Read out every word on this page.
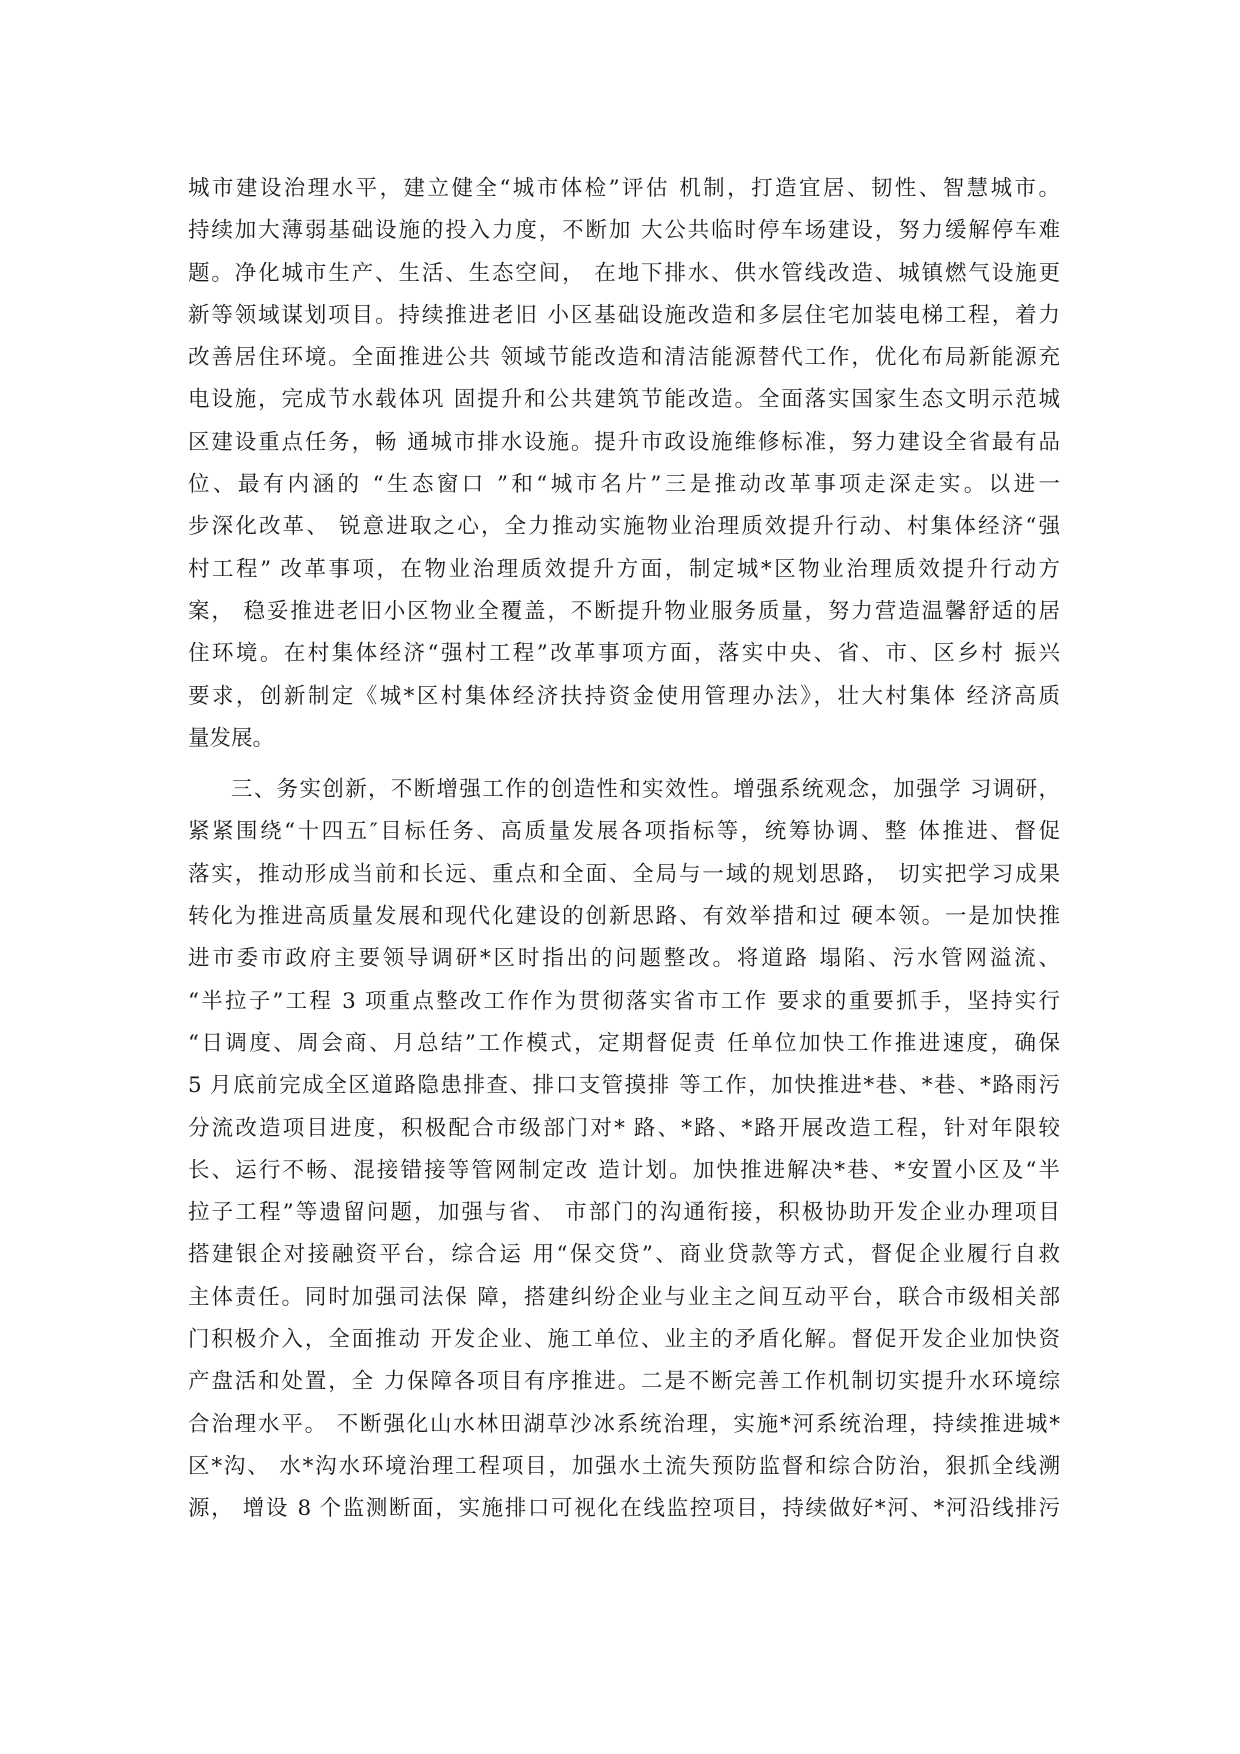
城市建设治理水平，建立健全“城市体检”评估 机制，打造宜居、韧性、智慧城市。
持续加大薄弱基础设施的投入力度，不断加 大公共临时停车场建设，努力缓解停车难
题。净化城市生产、生活、生态空间， 在地下排水、供水管线改造、城镇燃气设施更
新等领域谋划项目。持续推进老旧 小区基础设施改造和多层住宅加装电梯工程，着力
改善居住环境。全面推进公共 领域节能改造和清洁能源替代工作，优化布局新能源充
电设施，完成节水载体巩 固提升和公共建筑节能改造。全面落实国家生态文明示范城
区建设重点任务，畅 通城市排水设施。提升市政设施维修标准，努力建设全省最有品
位、最有内涵的 “生态窗口 ”和“城市名片”三是推动改革事项走深走实。以进一
步深化改革、 锐意进取之心，全力推动实施物业治理质效提升行动、村集体经济“强
村工程” 改革事项，在物业治理质效提升方面，制定城*区物业治理质效提升行动方
案， 稳妥推进老旧小区物业全覆盖，不断提升物业服务质量，努力营造温馨舒适的居
住环境。在村集体经济“强村工程”改革事项方面，落实中央、省、市、区乡村 振兴
要求，创新制定《城*区村集体经济扶持资金使用管理办法》，壮大村集体 经济高质
量发展。

三、务实创新，不断增强工作的创造性和实效性。增强系统观念，加强学 习调研，
紧紧围绕“十四五″目标任务、高质量发展各项指标等，统筹协调、整 体推进、督促
落实，推动形成当前和长远、重点和全面、全局与一域的规划思路， 切实把学习成果
转化为推进高质量发展和现代化建设的创新思路、有效举措和过 硬本领。一是加快推
进市委市政府主要领导调研*区时指出的问题整改。将道路 塌陷、污水管网溢流、
“半拉子”工程 3 项重点整改工作作为贯彻落实省市工作 要求的重要抓手，坚持实行
“日调度、周会商、月总结”工作模式，定期督促责 任单位加快工作推进速度，确保
5 月底前完成全区道路隐患排查、排口支管摸排 等工作，加快推进*巷、*巷、*路雨污
分流改造项目进度，积极配合市级部门对* 路、*路、*路开展改造工程，针对年限较
长、运行不畅、混接错接等管网制定改 造计划。加快推进解决*巷、*安置小区及“半
拉子工程”等遗留问题，加强与省、 市部门的沟通衔接，积极协助开发企业办理项目
搭建银企对接融资平台，综合运 用“保交贷”、商业贷款等方式，督促企业履行自救
主体责任。同时加强司法保 障，搭建纠纷企业与业主之间互动平台，联合市级相关部
门积极介入，全面推动 开发企业、施工单位、业主的矛盾化解。督促开发企业加快资
产盘活和处置，全 力保障各项目有序推进。二是不断完善工作机制切实提升水环境综
合治理水平。 不断强化山水林田湖草沙冰系统治理，实施*河系统治理，持续推进城*
区*沟、 水*沟水环境治理工程项目，加强水土流失预防监督和综合防治，狠抓全线溯
源， 增设 8 个监测断面，实施排口可视化在线监控项目，持续做好*河、*河沿线排污
